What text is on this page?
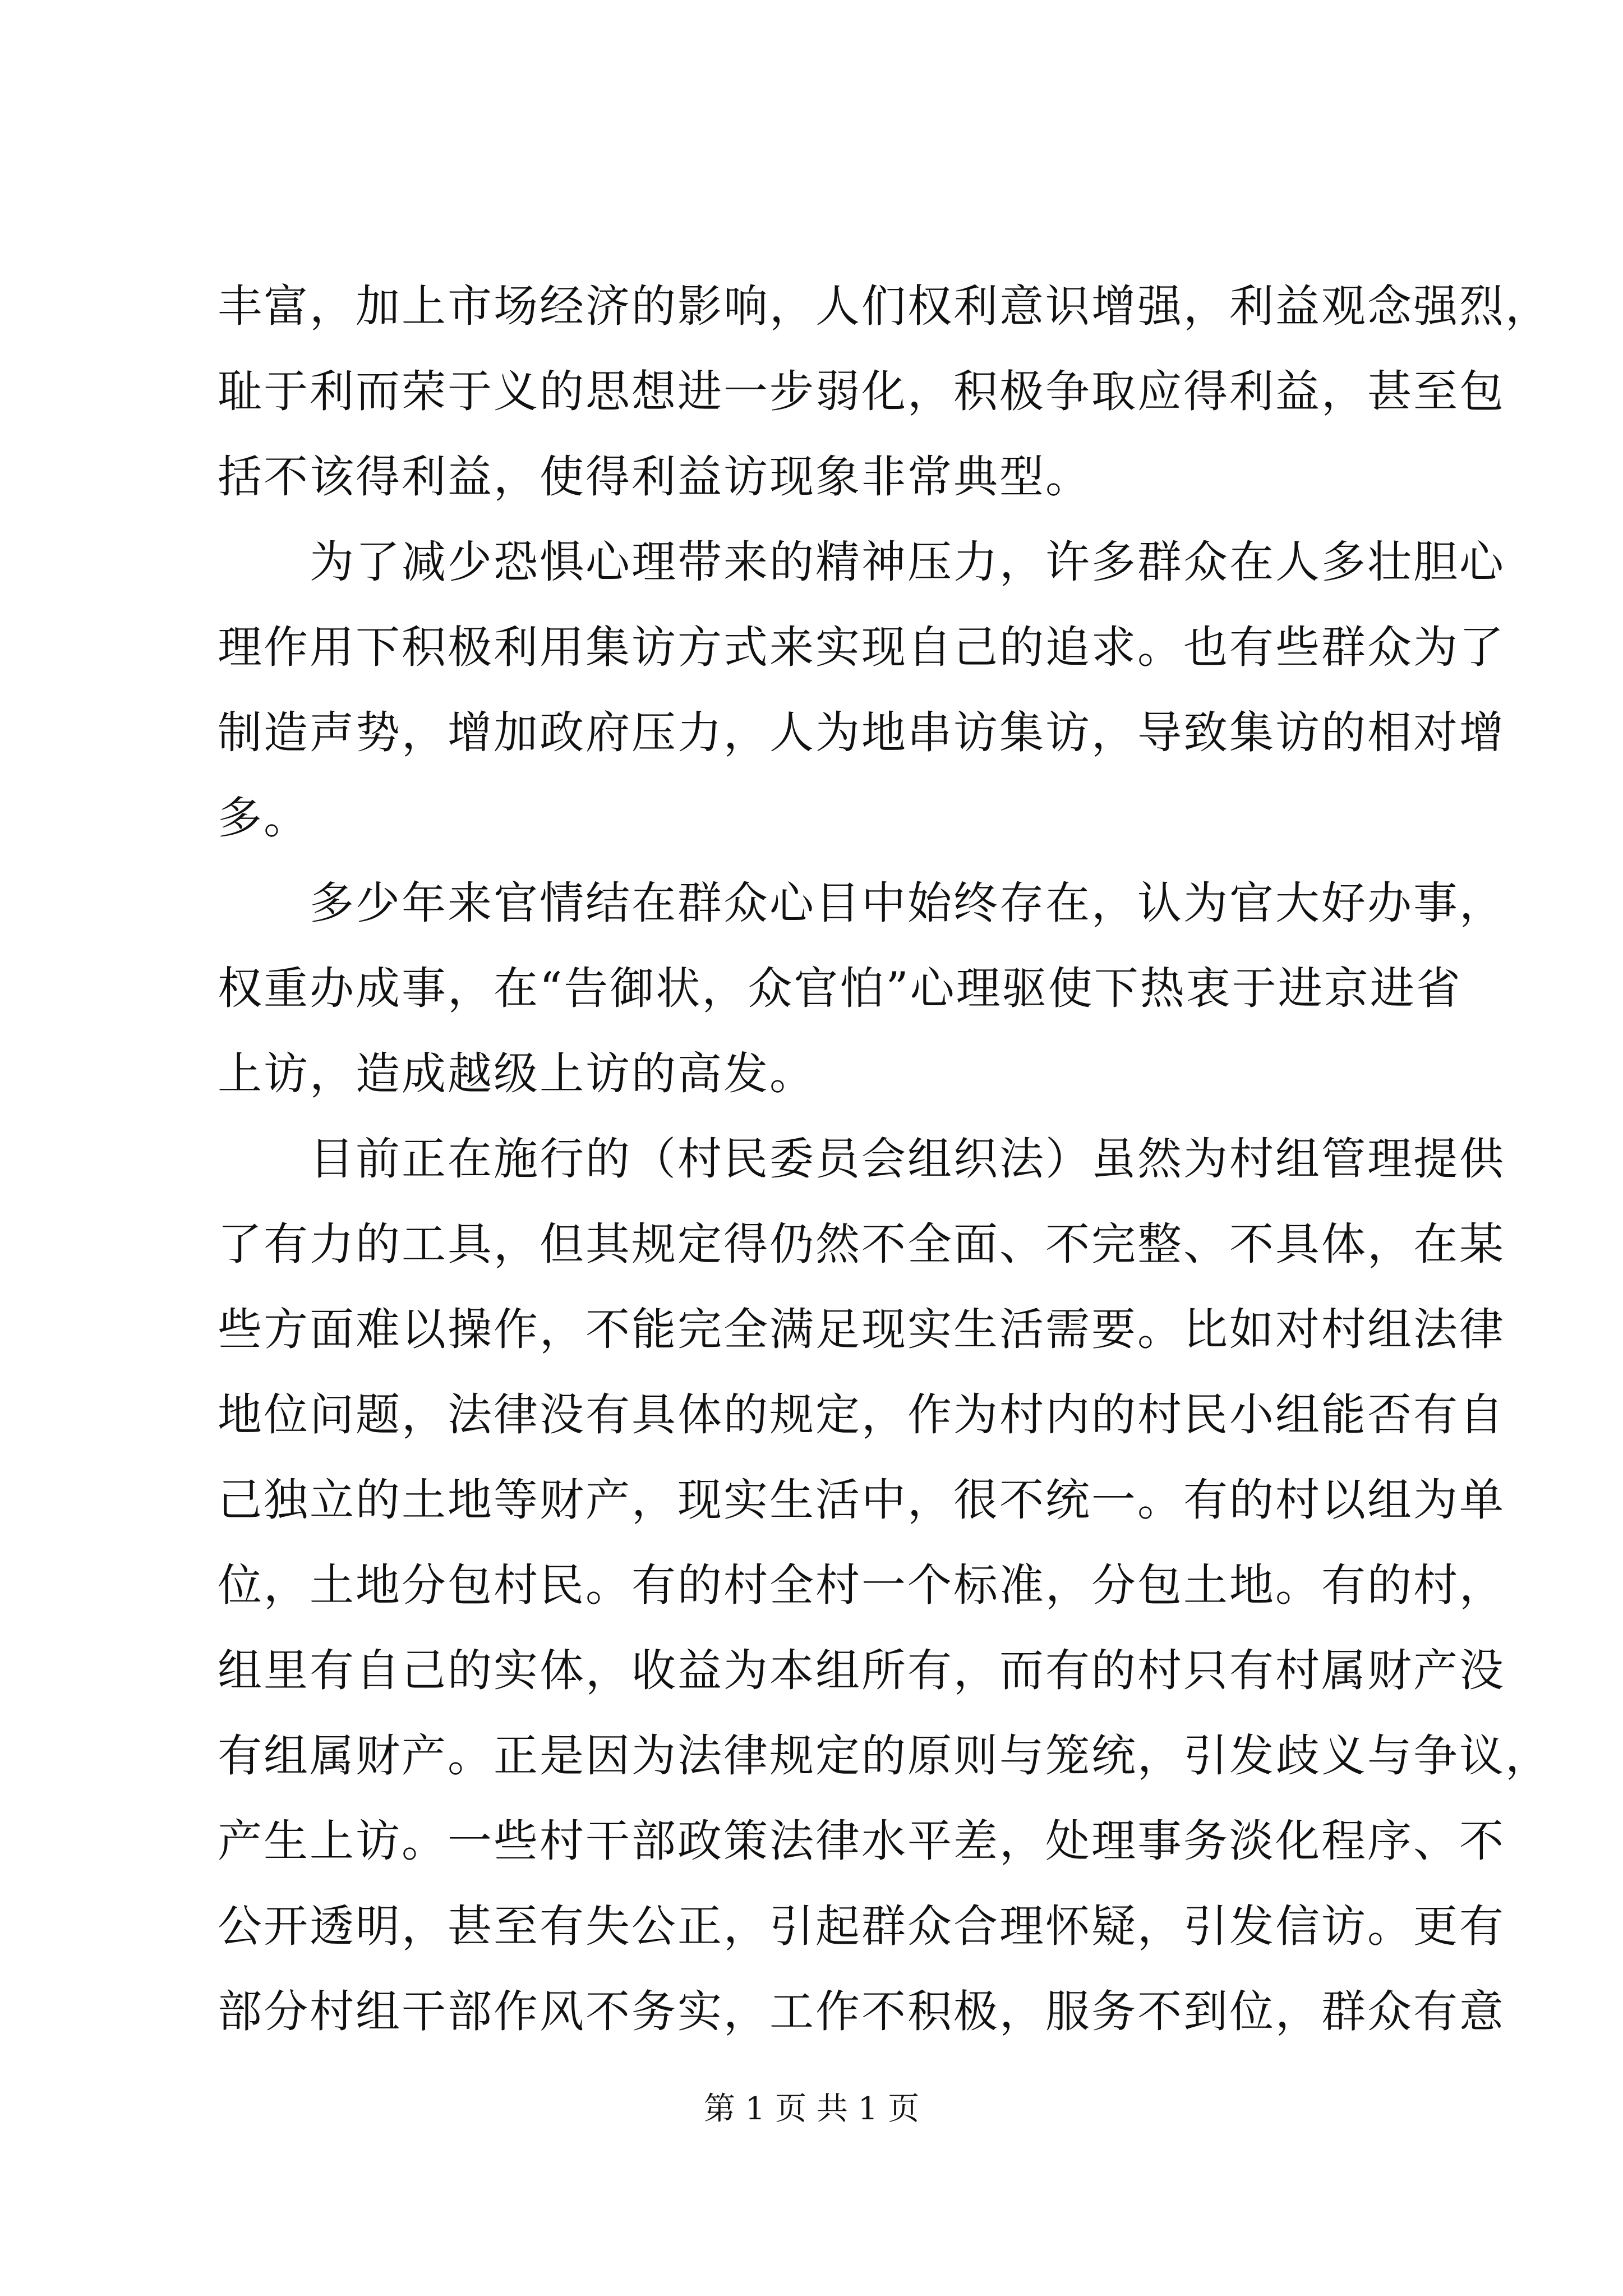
丰富，加上市场经济的影响，人们权利意识增强，利益观念强烈，
耻于利而荣于义的思想进一步弱化，积极争取应得利益，甚至包
括不该得利益，使得利益访现象非常典型。
　　为了减少恐惧心理带来的精神压力，许多群众在人多壮胆心
理作用下积极利用集访方式来实现自己的追求。也有些群众为了
制造声势，增加政府压力，人为地串访集访，导致集访的相对增
多。
　　多少年来官情结在群众心目中始终存在，认为官大好办事，
权重办成事，在“告御状，众官怕”心理驱使下热衷于进京进省
上访，造成越级上访的高发。
　　目前正在施行的（村民委员会组织法）虽然为村组管理提供
了有力的工具，但其规定得仍然不全面、不完整、不具体，在某
些方面难以操作，不能完全满足现实生活需要。比如对村组法律
地位问题，法律没有具体的规定，作为村内的村民小组能否有自
己独立的土地等财产，现实生活中，很不统一。有的村以组为单
位，土地分包村民。有的村全村一个标准，分包土地。有的村，
组里有自己的实体，收益为本组所有，而有的村只有村属财产没
有组属财产。正是因为法律规定的原则与笼统，引发歧义与争议，
产生上访。一些村干部政策法律水平差，处理事务淡化程序、不
公开透明，甚至有失公正，引起群众合理怀疑，引发信访。更有
部分村组干部作风不务实，工作不积极，服务不到位，群众有意
第 1 页 共 1 页
